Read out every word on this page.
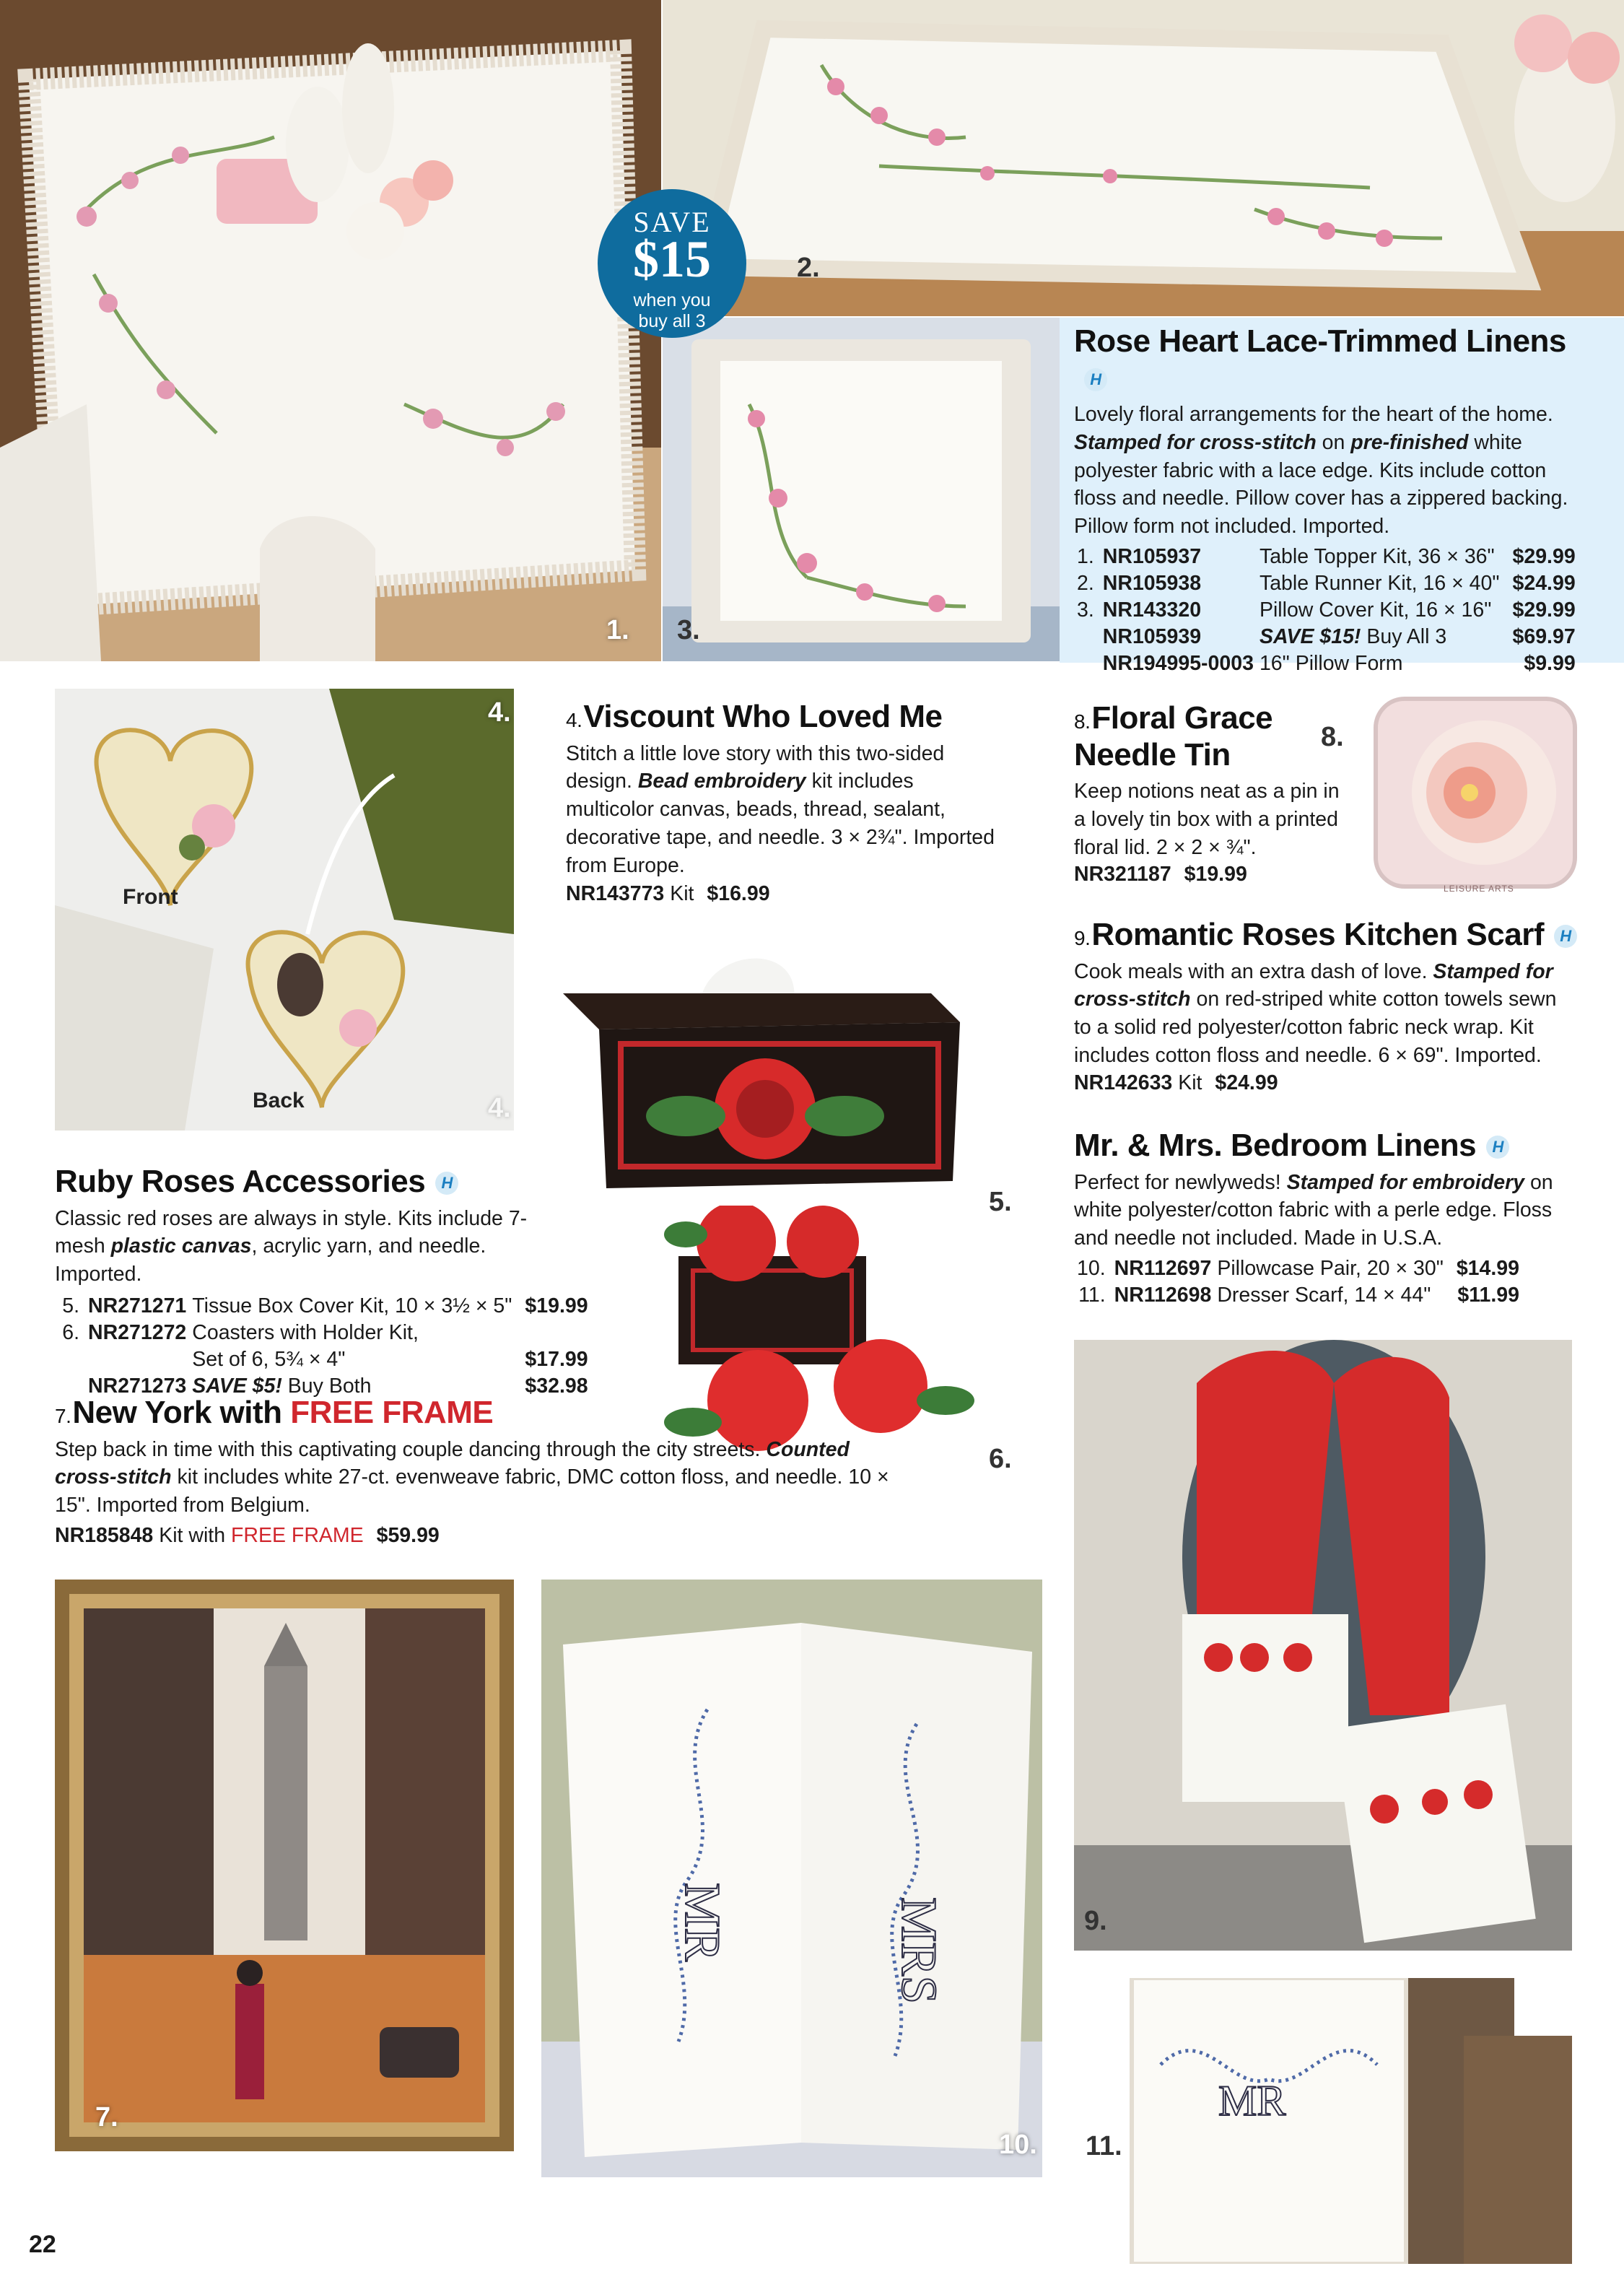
1.
2.
3.
SAVE
$15
when you
buy all 3
Rose Heart Lace-Trimmed LinensH
Lovely floral arrangements for the heart of the home. Stamped for cross-stitch on pre-finished white polyester fabric with a lace edge. Kits include cotton floss and needle. Pillow cover has a zippered backing. Pillow form not included. Imported.
1.	NR105937	Table Topper Kit, 36 × 36"	$29.99
2.	NR105938	Table Runner Kit, 16 × 40"	$24.99
3.	NR143320	Pillow Cover Kit, 16 × 16"	$29.99
	NR105939	SAVE $15! Buy All 3	$69.97
	NR194995-0003	16" Pillow Form	$9.99
4.
4.
Front
Back
4.Viscount Who Loved Me
Stitch a little love story with this two-sided design. Bead embroidery kit includes multicolor canvas, beads, thread, sealant, decorative tape, and needle. 3 × 2¾". Imported from Europe.
NR143773 Kit $16.99
5.
6.
Ruby Roses Accessories H
Classic red roses are always in style. Kits include 7-mesh plastic canvas, acrylic yarn, and needle. Imported.
5.	NR271271	Tissue Box Cover Kit, 10 × 3½ × 5"	$19.99
6.	NR271272	Coasters with Holder Kit,	
		Set of 6, 5¾ × 4"	$17.99
	NR271273	SAVE $5! Buy Both	$32.98
7.New York with FREE FRAME
Step back in time with this captivating couple dancing through the city streets. Counted cross-stitch kit includes white 27-ct. evenweave fabric, DMC cotton floss, and needle. 10 × 15". Imported from Belgium.
NR185848 Kit with FREE FRAME $59.99
8.Floral Grace
Needle Tin
Keep notions neat as a pin in a lovely tin box with a printed floral lid. 2 × 2 × ¾".
NR321187 $19.99
8.
LEISURE ARTS
9.Romantic Roses Kitchen Scarf H
Cook meals with an extra dash of love. Stamped for cross-stitch on red-striped white cotton towels sewn to a solid red polyester/cotton fabric neck wrap. Kit includes cotton floss and needle. 6 × 69". Imported.
NR142633 Kit $24.99
Mr. & Mrs. Bedroom Linens H
Perfect for newlyweds! Stamped for embroidery on white polyester/cotton fabric with a perle edge. Floss and needle not included. Made in U.S.A.
10.	NR112697	Pillowcase Pair, 20 × 30"	$14.99
11.	NR112698	Dresser Scarf, 14 × 44"	$11.99
7.
MR	MRS
10.
9.
MR
11.
22
